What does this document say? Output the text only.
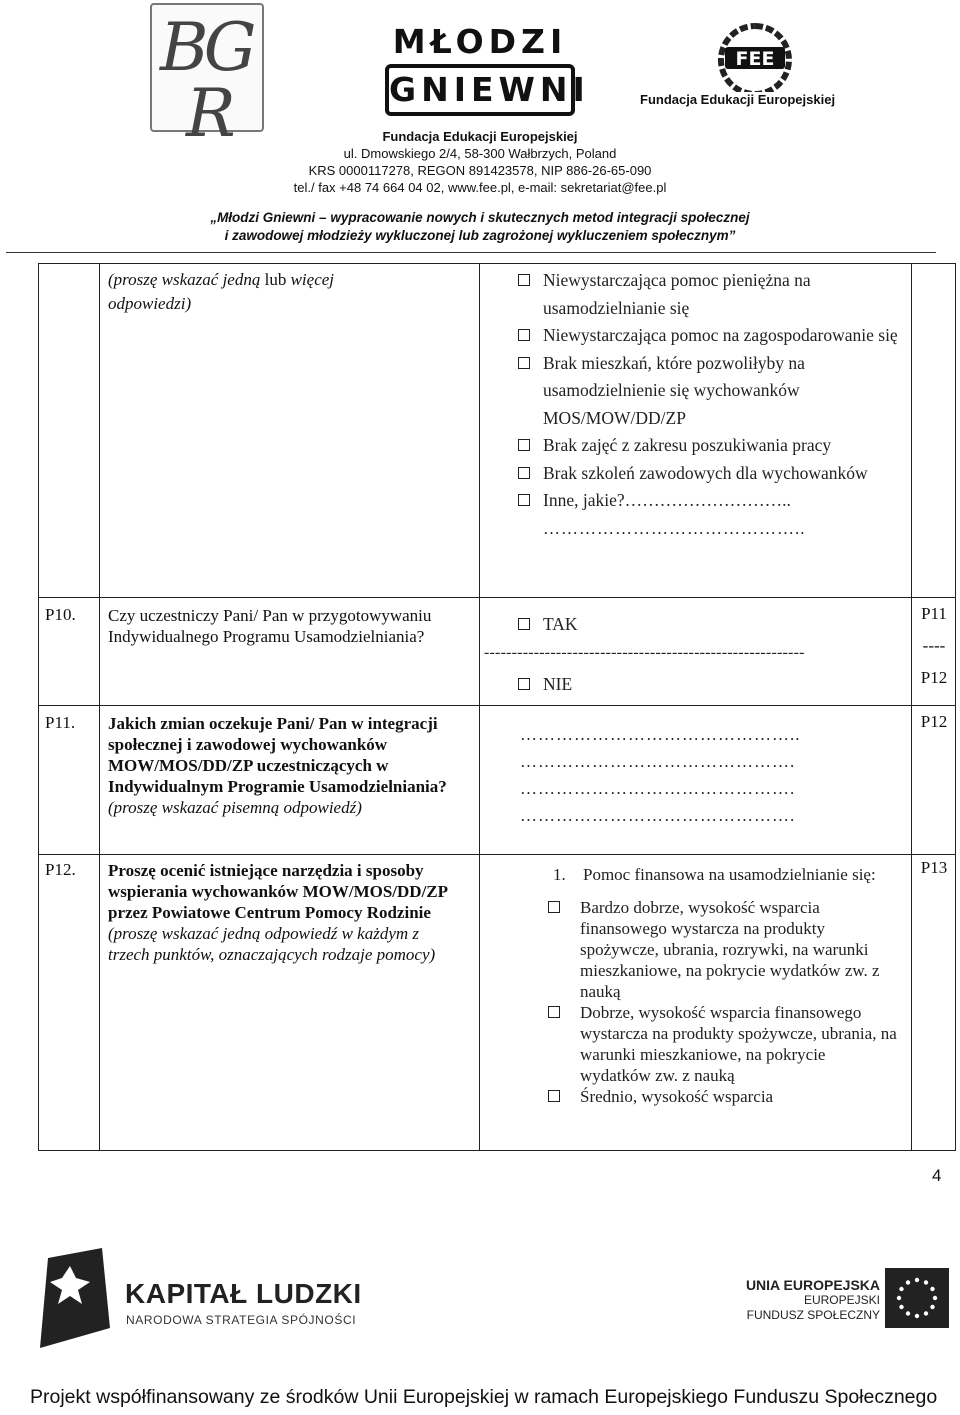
BG
R
MŁODZI
GNIEWNI
FEE
Fundacja Edukacji Europejskiej
Fundacja Edukacji Europejskiej
ul. Dmowskiego 2/4, 58-300 Wałbrzych, Poland
KRS 0000117278, REGON 891423578, NIP 886-26-65-090
tel./ fax +48 74 664 04 02, www.fee.pl, e-mail: sekretariat@fee.pl
„Młodzi Gniewni – wypracowanie nowych i skutecznych metod integracji społecznej
i zawodowej młodzieży wykluczonej lub zagrożonej wykluczeniem społecznym”
(proszę wskazać jedną lub więcej
odpowiedzi)
Niewystarczająca pomoc pieniężna na usamodzielnianie się
Niewystarczająca pomoc na zagospodarowanie się
Brak mieszkań, które pozwoliłyby na usamodzielnienie się wychowanków MOS/MOW/DD/ZP
Brak zajęć z zakresu poszukiwania pracy
Brak szkoleń zawodowych dla wychowanków
Inne, jakie?………………………..
……………………………………..
P10. Czy uczestniczy Pani/ Pan w przygotowywaniu Indywidualnego Programu Usamodzielniania?
TAK
----------------------------------------------------------
NIE
P11
----
P12
P11. Jakich zmian oczekuje Pani/ Pan w integracji społecznej i zawodowej wychowanków MOW/MOS/DD/ZP uczestniczących w Indywidualnym Programie Usamodzielniania?
(proszę wskazać pisemną odpowiedź)
………………………………………..
……………………………………….
……………………………………….
……………………………………….
P12
P12. Proszę ocenić istniejące narzędzia i sposoby wspierania wychowanków MOW/MOS/DD/ZP przez Powiatowe Centrum Pomocy Rodzinie
(proszę wskazać jedną odpowiedź w każdym z trzech punktów, oznaczających rodzaje pomocy)
1. Pomoc finansowa na usamodzielnianie się:
Bardzo dobrze, wysokość wsparcia finansowego wystarcza na produkty spożywcze, ubrania, rozrywki, na warunki mieszkaniowe, na pokrycie wydatków zw. z nauką
Dobrze, wysokość wsparcia finansowego wystarcza na produkty spożywcze, ubrania, na warunki mieszkaniowe, na pokrycie wydatków zw. z nauką
Średnio, wysokość wsparcia
P13
4
KAPITAŁ LUDZKI
NARODOWA STRATEGIA SPÓJNOŚCI
UNIA EUROPEJSKA
EUROPEJSKI
FUNDUSZ SPOŁECZNY
Projekt współfinansowany ze środków Unii Europejskiej w ramach Europejskiego Funduszu Społecznego
